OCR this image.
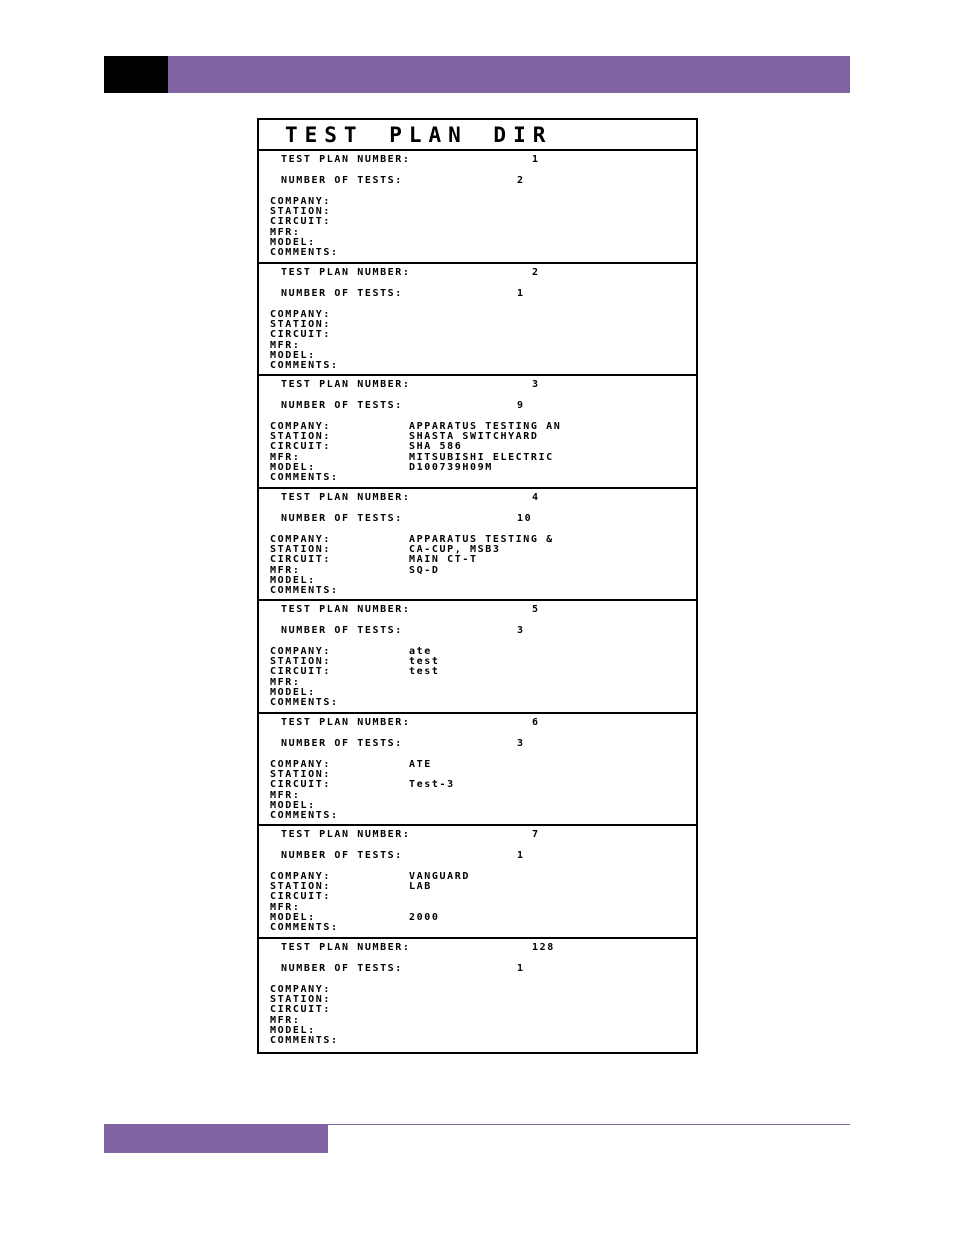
TEST PLAN DIR
TEST PLAN NUMBER:	1
NUMBER OF TESTS:	2
COMPANY:
STATION:
CIRCUIT:
MFR:
MODEL:
COMMENTS:
TEST PLAN NUMBER:	2
NUMBER OF TESTS:	1
COMPANY:
STATION:
CIRCUIT:
MFR:
MODEL:
COMMENTS:
TEST PLAN NUMBER:	3
NUMBER OF TESTS:	9
COMPANY:	APPARATUS TESTING AN
STATION:	SHASTA SWITCHYARD
CIRCUIT:	SHA 586
MFR:	MITSUBISHI ELECTRIC
MODEL:	D100739H09M
COMMENTS:
TEST PLAN NUMBER:	4
NUMBER OF TESTS:	10
COMPANY:	APPARATUS TESTING &
STATION:	CA-CUP, MSB3
CIRCUIT:	MAIN CT-T
MFR:	SQ-D
MODEL:
COMMENTS:
TEST PLAN NUMBER:	5
NUMBER OF TESTS:	3
COMPANY:	ate
STATION:	test
CIRCUIT:	test
MFR:
MODEL:
COMMENTS:
TEST PLAN NUMBER:	6
NUMBER OF TESTS:	3
COMPANY:	ATE
STATION:
CIRCUIT:	Test-3
MFR:
MODEL:
COMMENTS:
TEST PLAN NUMBER:	7
NUMBER OF TESTS:	1
COMPANY:	VANGUARD
STATION:	LAB
CIRCUIT:
MFR:
MODEL:	2000
COMMENTS:
TEST PLAN NUMBER:	128
NUMBER OF TESTS:	1
COMPANY:
STATION:
CIRCUIT:
MFR:
MODEL:
COMMENTS:
